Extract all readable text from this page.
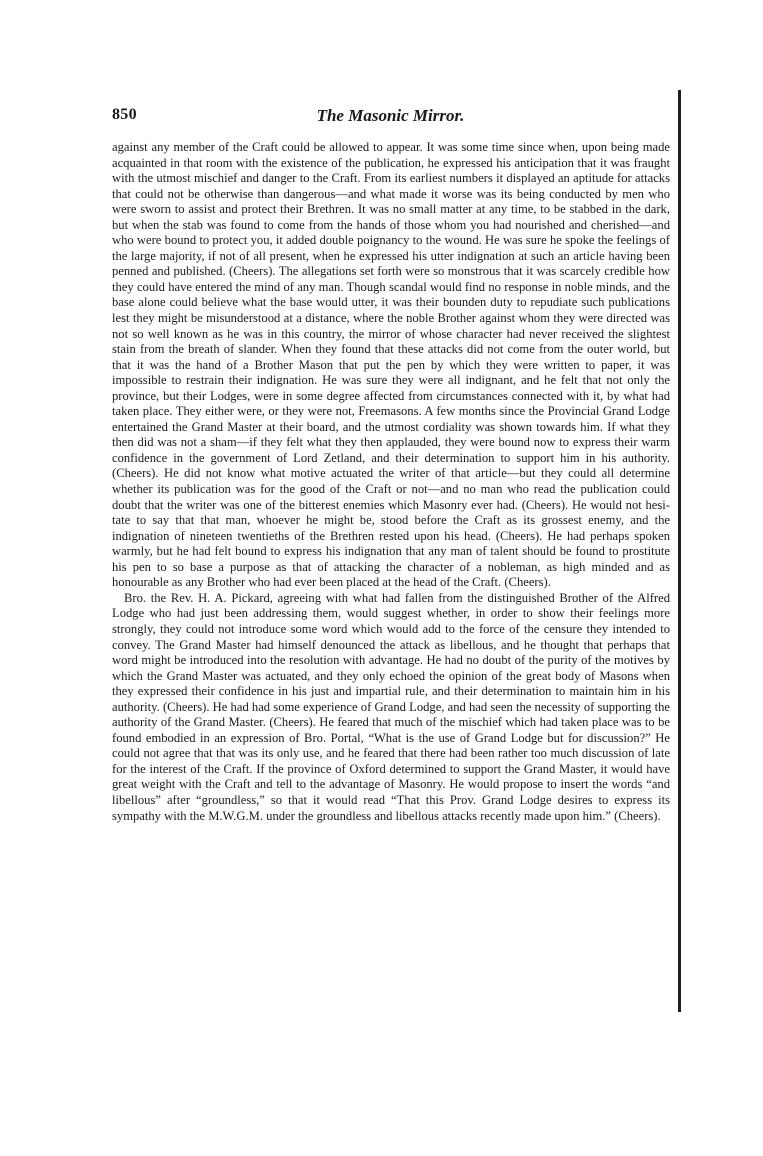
850	The Masonic Mirror.

against any member of the Craft could be allowed to appear. It was some time since when, upon being made acquainted in that room with the existence of the publication, he expressed his anticipation that it was fraught with the utmost mischief and danger to the Craft. From its earliest numbers it displayed an aptitude for attacks that could not be otherwise than dangerous—and what made it worse was its being conducted by men who were sworn to assist and protect their Brethren. It was no small matter at any time, to be stabbed in the dark, but when the stab was found to come from the hands of those whom you had nourished and cherished—and who were bound to protect you, it added double poignancy to the wound. He was sure he spoke the feelings of the large majority, if not of all present, when he expressed his utter indignation at such an article having been penned and published. (Cheers). The allegations set forth were so monstrous that it was scarcely credible how they could have entered the mind of any man. Though scandal would find no response in noble minds, and the base alone could believe what the base would utter, it was their bounden duty to repudiate such publications lest they might be misunderstood at a distance, where the noble Brother against whom they were directed was not so well known as he was in this country, the mirror of whose character had never received the slightest stain from the breath of slander. When they found that these attacks did not come from the outer world, but that it was the hand of a Brother Mason that put the pen by which they were written to paper, it was impossible to restrain their indignation. He was sure they were all indignant, and he felt that not only the province, but their Lodges, were in some degree affected from circumstances connected with it, by what had taken place. They either were, or they were not, Freemasons. A few months since the Provincial Grand Lodge entertained the Grand Master at their board, and the utmost cordiality was shown towards him. If what they then did was not a sham—if they felt what they then applauded, they were bound now to express their warm confidence in the government of Lord Zetland, and their determination to support him in his authority. (Cheers). He did not know what motive actuated the writer of that article—but they could all determine whether its publication was for the good of the Craft or not—and no man who read the publication could doubt that the writer was one of the bitterest enemies which Masonry ever had. (Cheers). He would not hesitate to say that that man, whoever he might be, stood before the Craft as its grossest enemy, and the indignation of nineteen twentieths of the Brethren rested upon his head. (Cheers). He had perhaps spoken warmly, but he had felt bound to express his indignation that any man of talent should be found to prostitute his pen to so base a purpose as that of attacking the character of a nobleman, as high minded and as honourable as any Brother who had ever been placed at the head of the Craft. (Cheers).

Bro. the Rev. H. A. Pickard, agreeing with what had fallen from the distinguished Brother of the Alfred Lodge who had just been addressing them, would suggest whether, in order to show their feelings more strongly, they could not introduce some word which would add to the force of the censure they intended to convey. The Grand Master had himself denounced the attack as libellous, and he thought that perhaps that word might be introduced into the resolution with advantage. He had no doubt of the purity of the motives by which the Grand Master was actuated, and they only echoed the opinion of the great body of Masons when they expressed their confidence in his just and impartial rule, and their determination to maintain him in his authority. (Cheers). He had had some experience of Grand Lodge, and had seen the necessity of supporting the authority of the Grand Master. (Cheers). He feared that much of the mischief which had taken place was to be found embodied in an expression of Bro. Portal, “What is the use of Grand Lodge but for discussion?” He could not agree that that was its only use, and he feared that there had been rather too much discussion of late for the interest of the Craft. If the province of Oxford determined to support the Grand Master, it would have great weight with the Craft and tell to the advantage of Masonry. He would propose to insert the words “and libellous” after “groundless,” so that it would read “That this Prov. Grand Lodge desires to express its sympathy with the M.W.G.M. under the groundless and libellous attacks recently made upon him.” (Cheers).
